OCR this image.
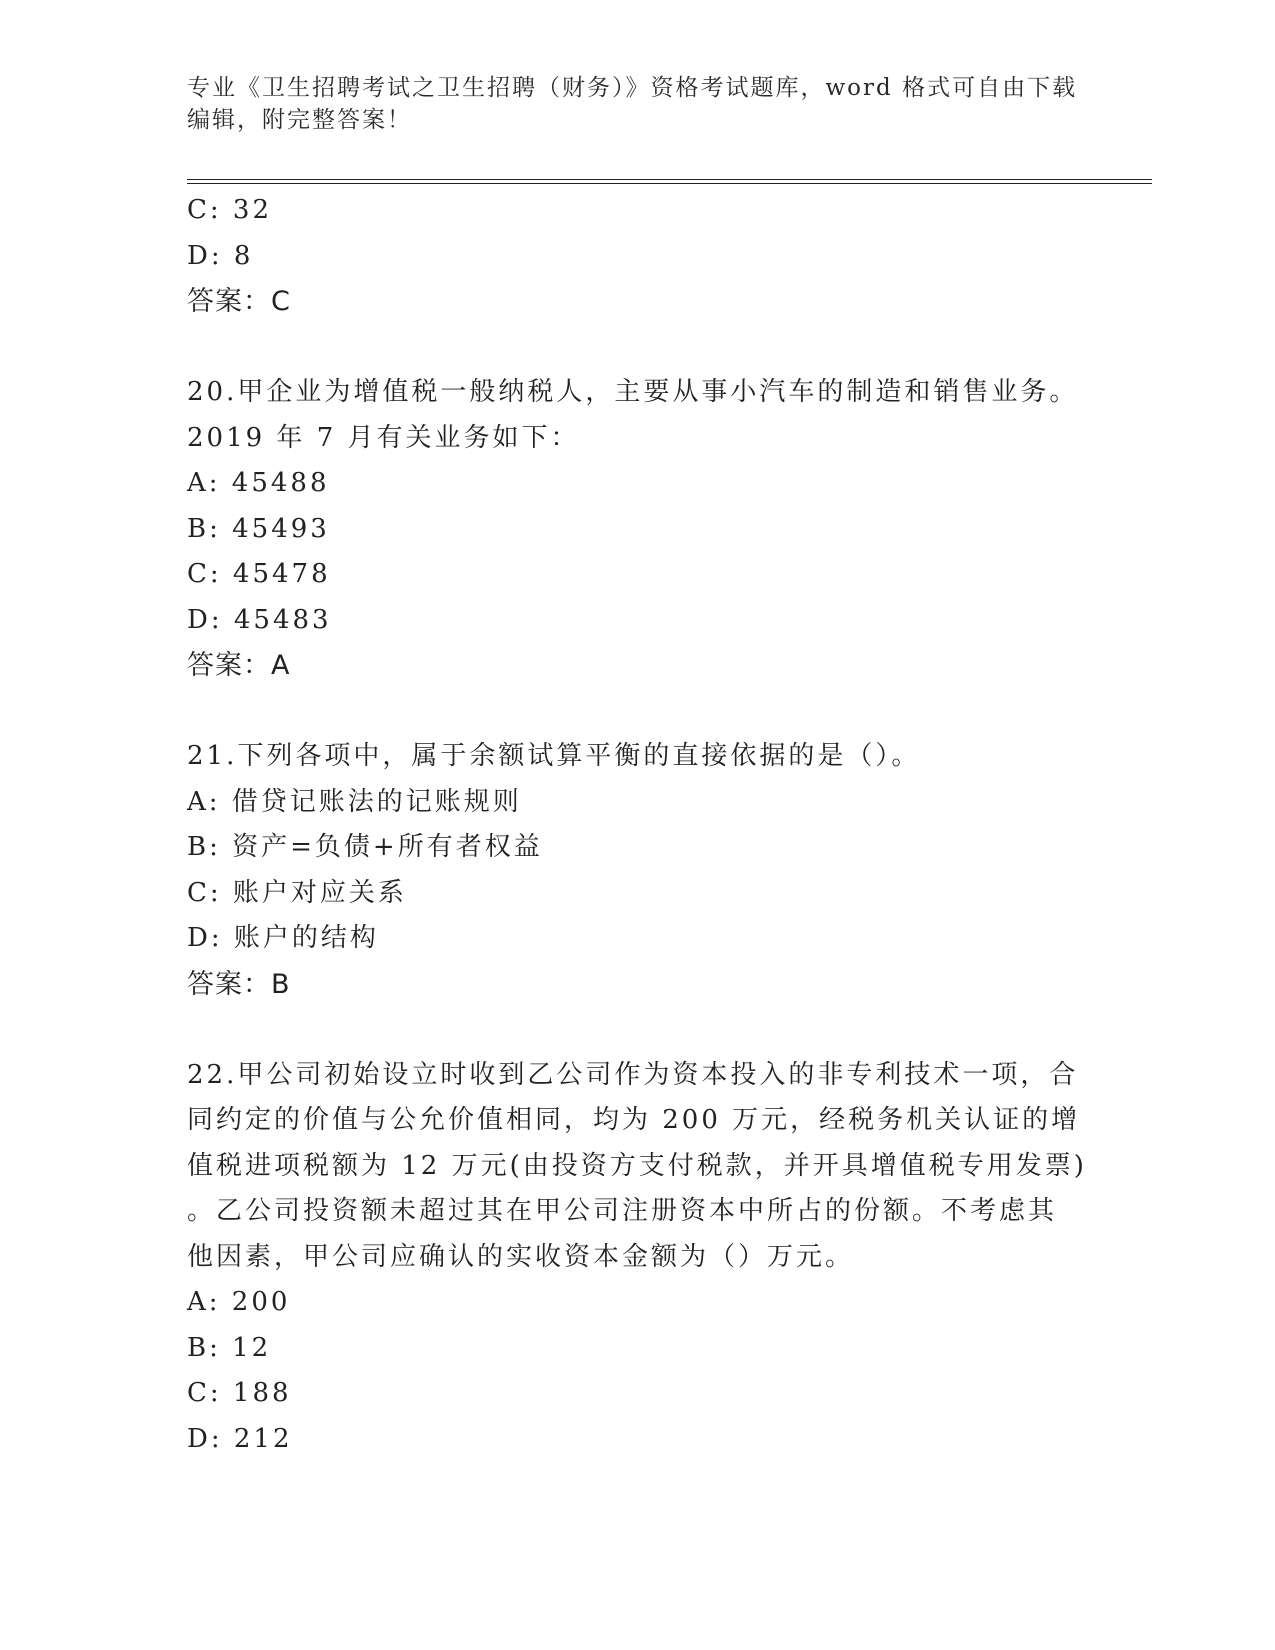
专业《卫生招聘考试之卫生招聘（财务）》资格考试题库，word 格式可自由下载
编辑，附完整答案！
C: 32
D: 8
答案：C
20.甲企业为增值税一般纳税人，主要从事小汽车的制造和销售业务。
2019 年 7 月有关业务如下：
A: 45488
B: 45493
C: 45478
D: 45483
答案：A
21.下列各项中，属于余额试算平衡的直接依据的是（）。
A: 借贷记账法的记账规则
B: 资产=负债+所有者权益
C: 账户对应关系
D: 账户的结构
答案：B
22.甲公司初始设立时收到乙公司作为资本投入的非专利技术一项，合
同约定的价值与公允价值相同，均为 200 万元，经税务机关认证的增
值税进项税额为 12 万元(由投资方支付税款，并开具增值税专用发票)
。乙公司投资额未超过其在甲公司注册资本中所占的份额。不考虑其
他因素，甲公司应确认的实收资本金额为（）万元。
A: 200
B: 12
C: 188
D: 212
